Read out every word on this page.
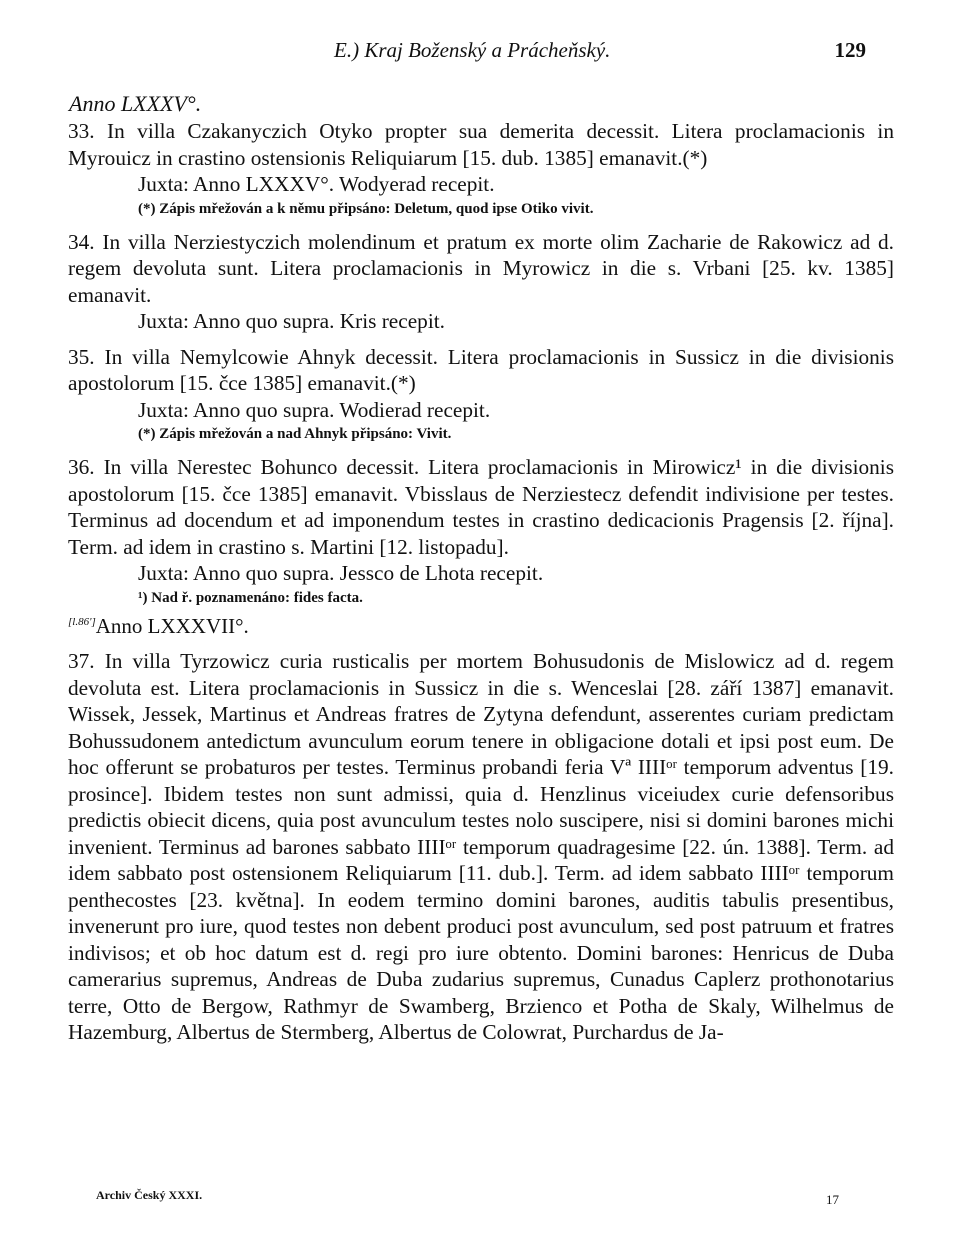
E.) Kraj Boženský a Prácheňský.	129
Anno LXXXV°.

33. In villa Czakanyczich Otyko propter sua demerita decessit. Litera proclamacionis in Myrouicz in crastino ostensionis Reliquiarum [15. dub. 1385] emanavit.(*)

Juxta: Anno LXXXV°. Wodyerad recepit.

(*) Zápis mřežován a k němu připsáno: Deletum, quod ipse Otiko vivit.

34. In villa Nerziestyczich molendinum et pratum ex morte olim Zacharie de Rakowicz ad d. regem devoluta sunt. Litera proclamacionis in Myrowicz in die s. Vrbani [25. kv. 1385] emanavit.

Juxta: Anno quo supra. Kris recepit.

35. In villa Nemylcowie Ahnyk decessit. Litera proclamacionis in Sussicz in die divisionis apostolorum [15. čce 1385] emanavit.(*)

Juxta: Anno quo supra. Wodierad recepit.

(*) Zápis mřežován a nad Ahnyk připsáno: Vivit.

36. In villa Nerestec Bohunco decessit. Litera proclamacionis in Mirowicz¹ in die divisionis apostolorum [15. čce 1385] emanavit. Vbisslaus de Nerziestecz defendit indivisione per testes. Terminus ad docendum et ad imponendum testes in crastino dedicacionis Pragensis [2. října]. Term. ad idem in crastino s. Martini [12. listopadu].

Juxta: Anno quo supra. Jessco de Lhota recepit.

¹) Nad ř. poznamenáno: fides facta.

[l.86']Anno LXXXVII°.

37. In villa Tyrzowicz curia rusticalis per mortem Bohusudonis de Mislowicz ad d. regem devoluta est. Litera proclamacionis in Sussicz in die s. Wenceslai [28. září 1387] emanavit. Wissek, Jessek, Martinus et Andreas fratres de Zytyna defendunt, asserentes curiam predictam Bohussudonem antedictum avunculum eorum tenere in obligacione dotali et ipsi post eum. De hoc offerunt se probaturos per testes. Terminus probandi feria Vª IIIIᵒʳ temporum adventus [19. prosince]. Ibidem testes non sunt admissi, quia d. Henzlinus viceiudex curie defensoribus predictis obiecit dicens, quia post avunculum testes nolo suscipere, nisi si domini barones michi invenient. Terminus ad barones sabbato IIIIᵒʳ temporum quadragesime [22. ún. 1388]. Term. ad idem sabbato post ostensionem Reliquiarum [11. dub.]. Term. ad idem sabbato IIIIᵒʳ temporum penthecostes [23. května]. In eodem termino domini barones, auditis tabulis presentibus, invenerunt pro iure, quod testes non debent produci post avunculum, sed post patruum et fratres indivisos; et ob hoc datum est d. regi pro iure obtento. Domini barones: Henricus de Duba camerarius supremus, Andreas de Duba zudarius supremus, Cunadus Caplerz prothonotarius terre, Otto de Bergow, Rathmyr de Swamberg, Brzienco et Potha de Skaly, Wilhelmus de Hazemburg, Albertus de Stermberg, Albertus de Colowrat, Purchardus de Ja-

Archiv Český XXXI.	17
